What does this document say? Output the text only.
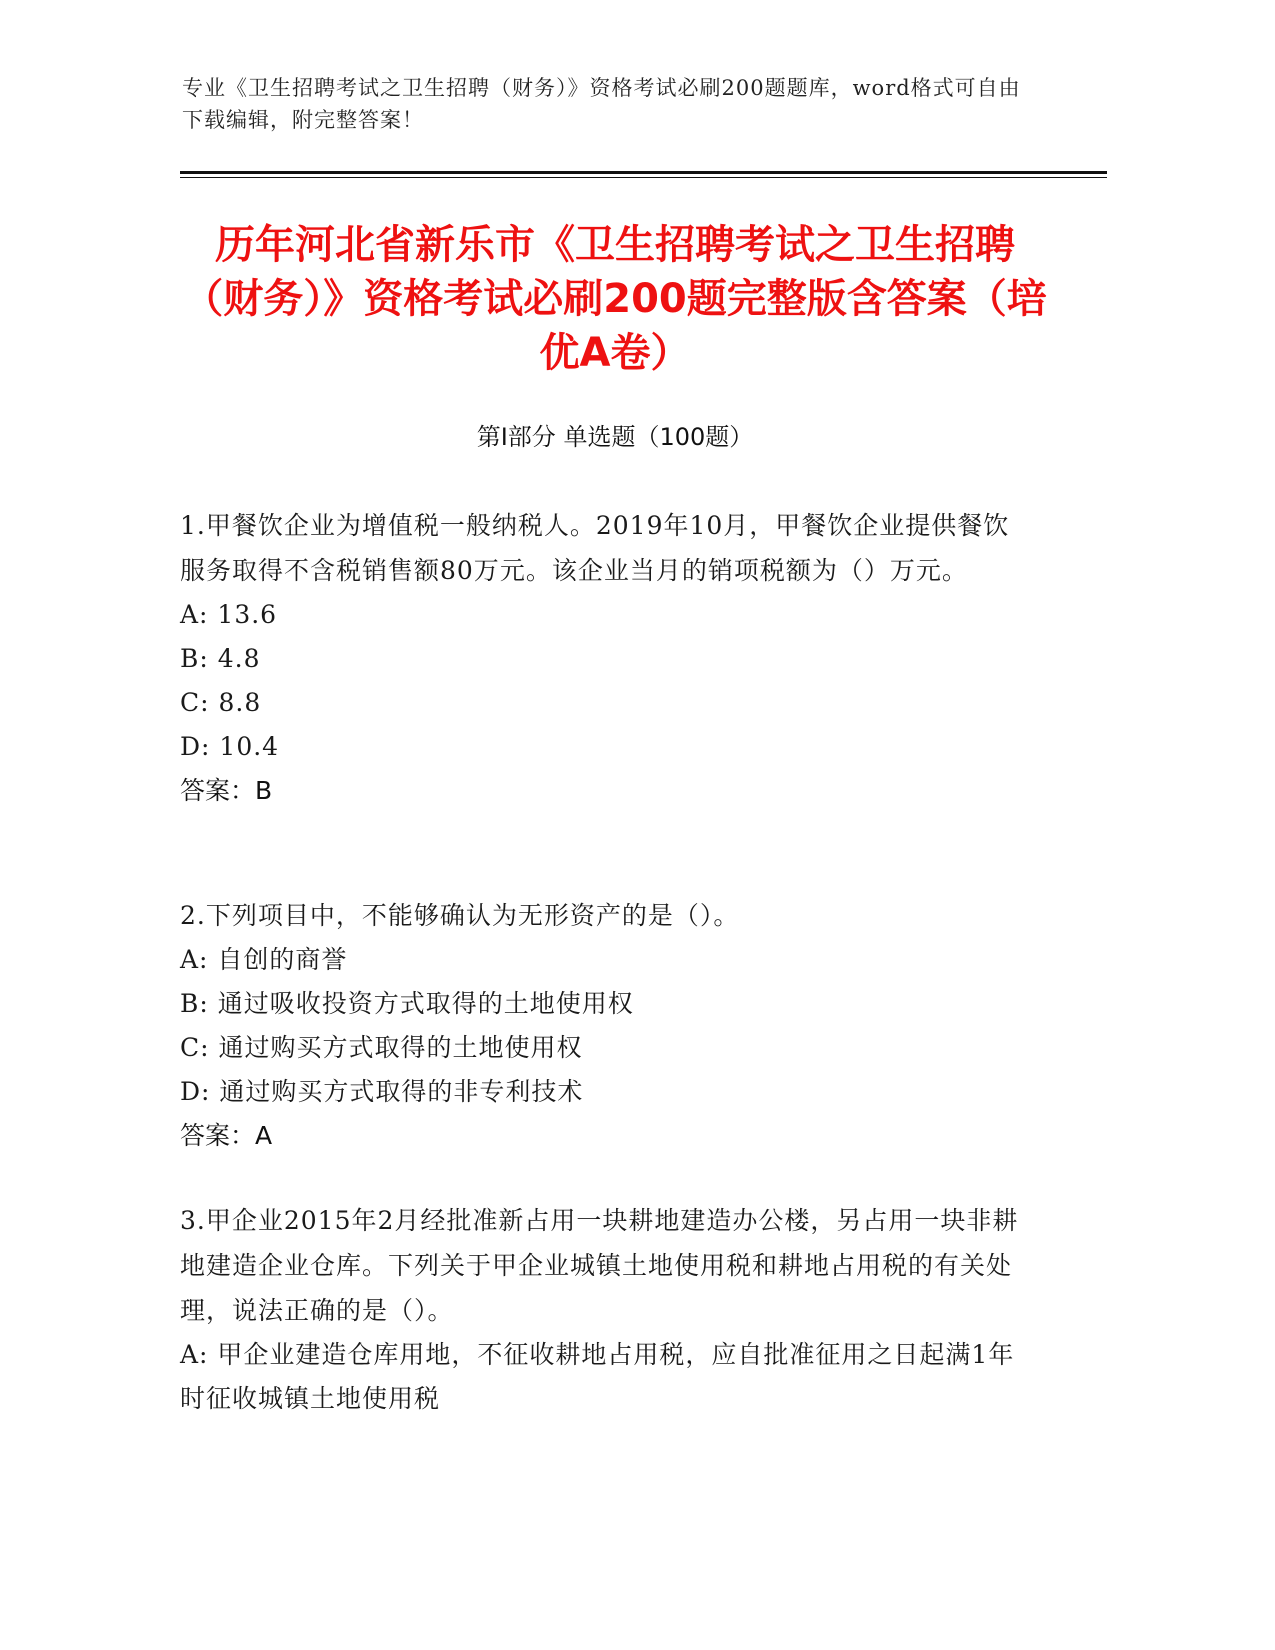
专业《卫生招聘考试之卫生招聘（财务）》资格考试必刷200题题库，word格式可自由下载编辑，附完整答案！
历年河北省新乐市《卫生招聘考试之卫生招聘（财务）》资格考试必刷200题完整版含答案（培优A卷）
第I部分 单选题（100题）

1.甲餐饮企业为增值税一般纳税人。2019年10月，甲餐饮企业提供餐饮服务取得不含税销售额80万元。该企业当月的销项税额为（）万元。

A: 13.6

B: 4.8

C: 8.8

D: 10.4

答案：B

2.下列项目中，不能够确认为无形资产的是（）。

A: 自创的商誉

B: 通过吸收投资方式取得的土地使用权

C: 通过购买方式取得的土地使用权

D: 通过购买方式取得的非专利技术

答案：A

3.甲企业2015年2月经批准新占用一块耕地建造办公楼，另占用一块非耕地建造企业仓库。下列关于甲企业城镇土地使用税和耕地占用税的有关处理，说法正确的是（）。

A: 甲企业建造仓库用地，不征收耕地占用税，应自批准征用之日起满1年时征收城镇土地使用税
